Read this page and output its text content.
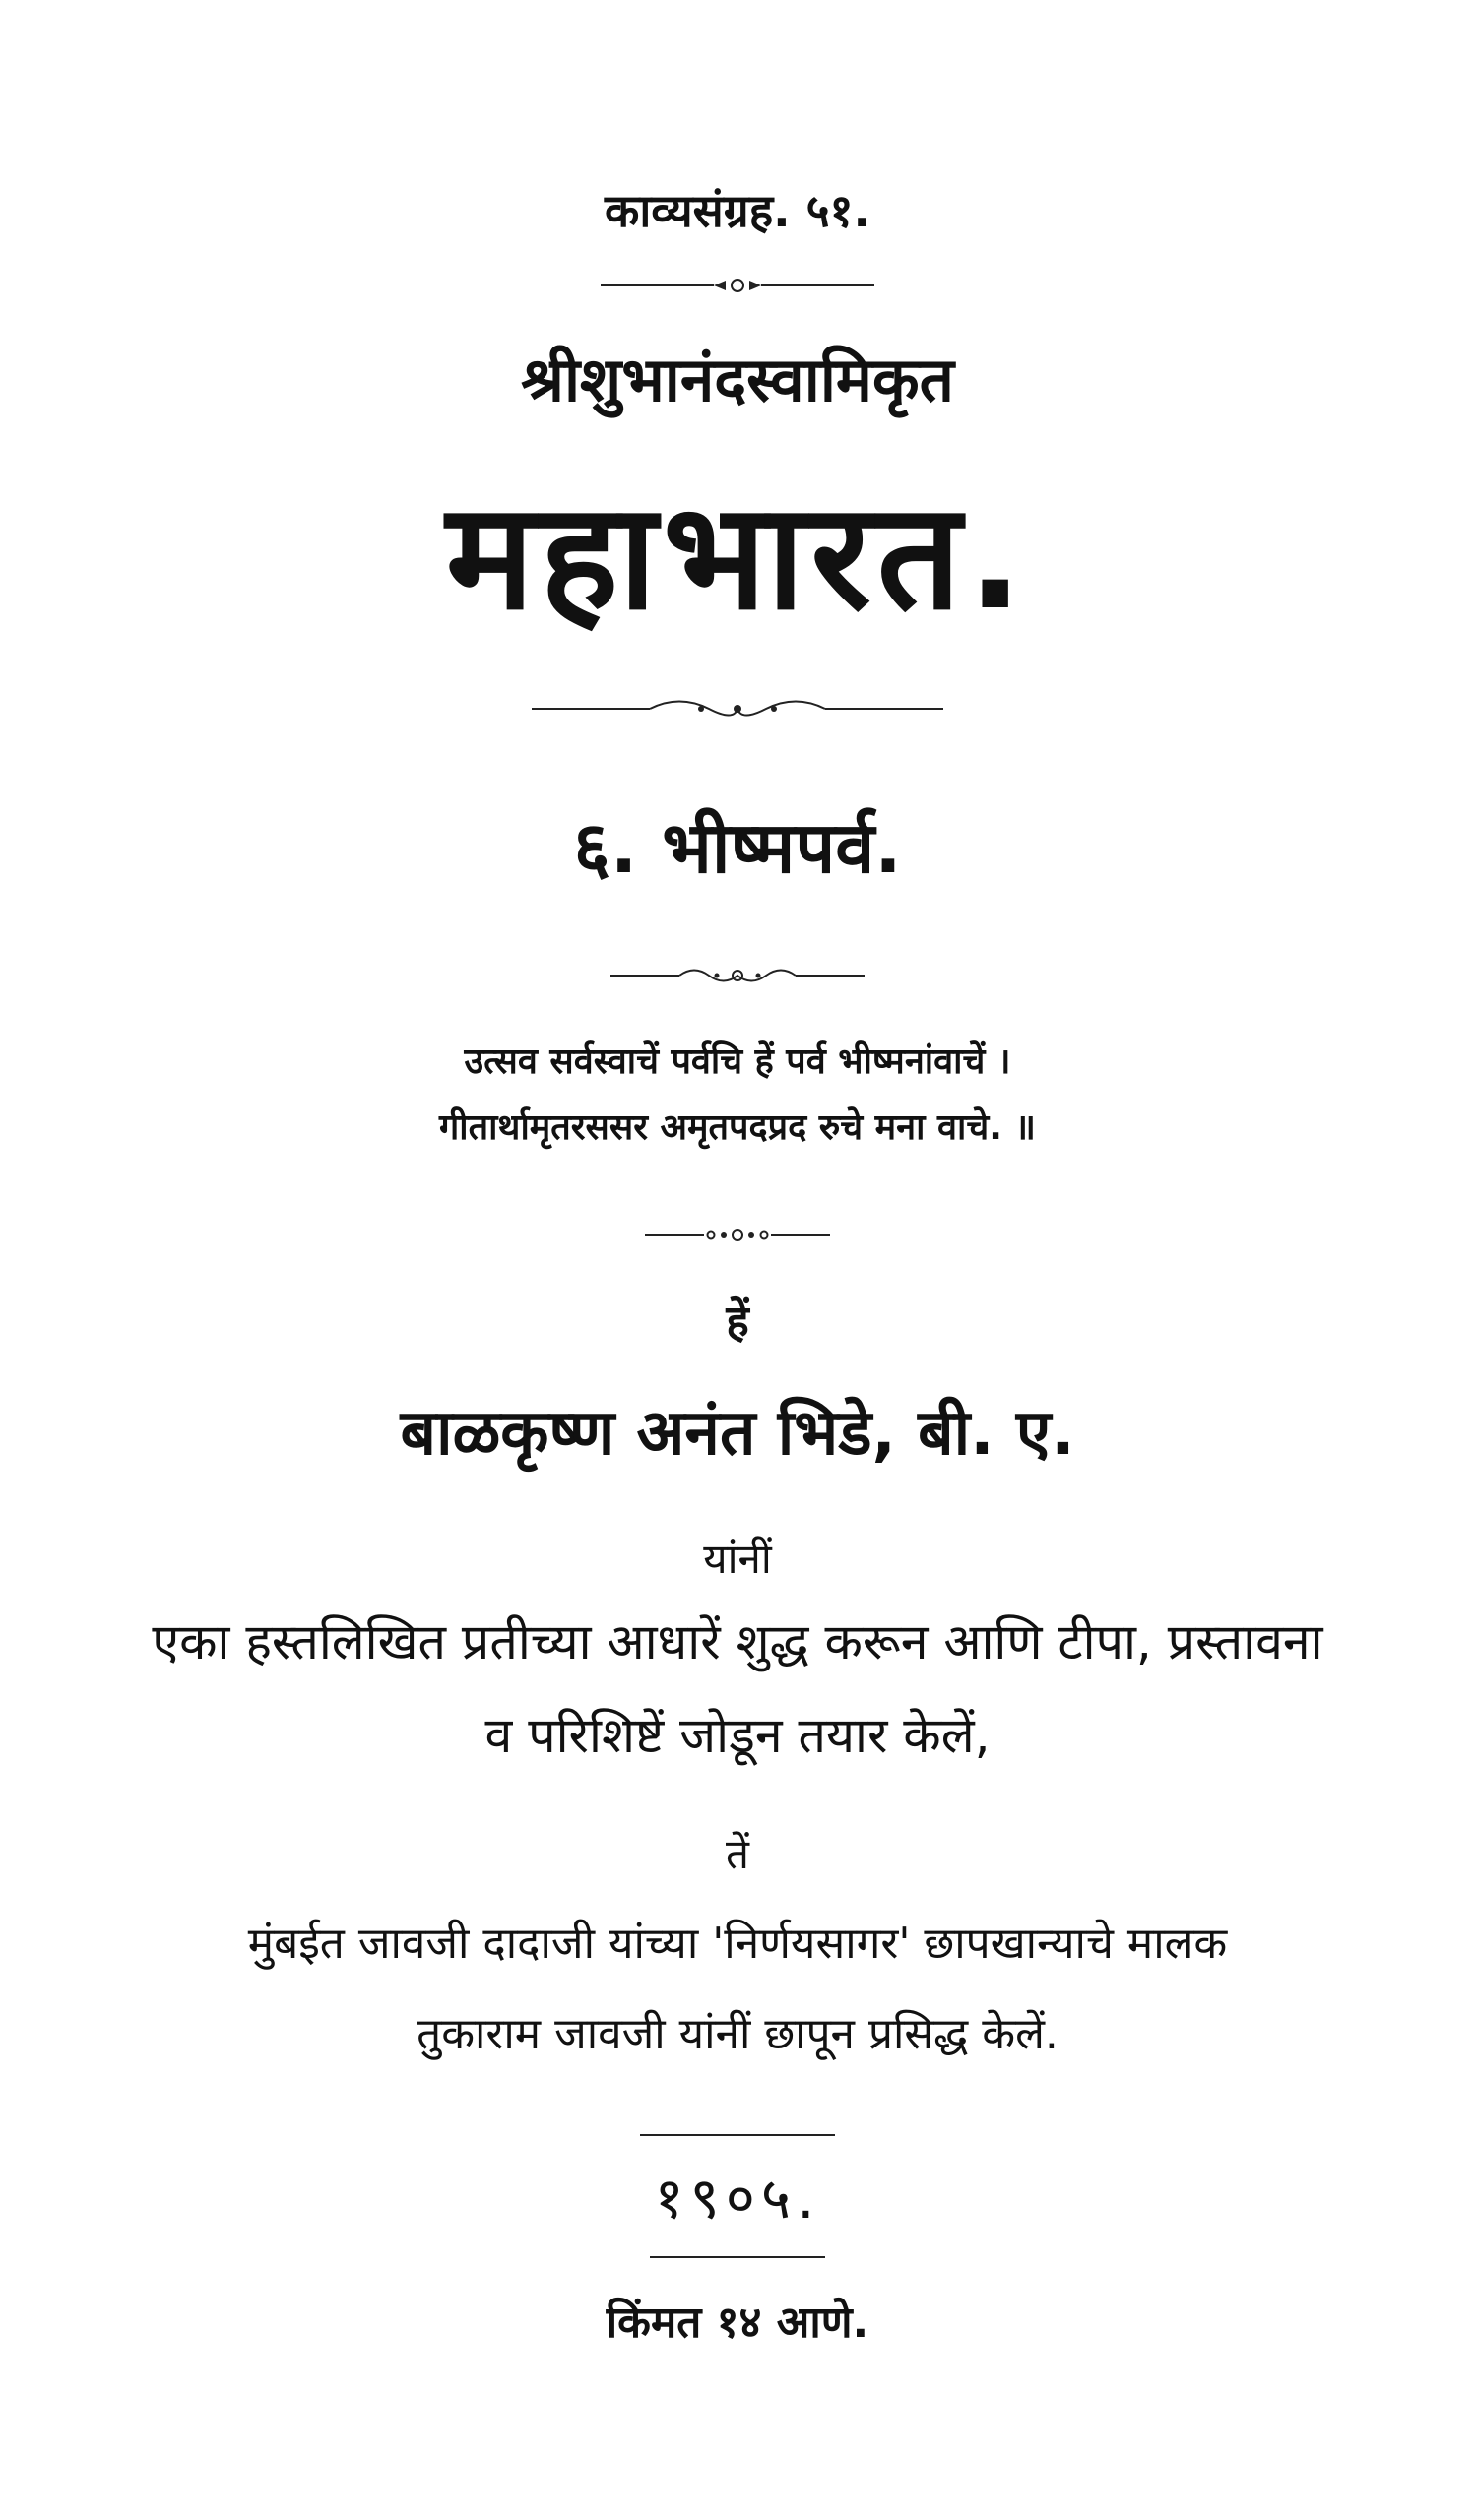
काव्यसंग्रह. ५१.
श्रीशुभानंदस्वामिकृत
महाभारत.
६. भीष्मपर्व.
उत्सव सर्वस्वाचें पर्वचि हें पर्व भीष्मनांवाचें ।
गीतार्थामृतरससर अमृतपदप्रद रुचे मना वाचे. ॥
हें
बाळकृष्ण अनंत भिडे, बी. ए.
यांनीं
एका हस्तलिखित प्रतीच्या आधारें शुद्ध करून आणि टीपा, प्रस्तावना
व परिशिष्टें जोडून तयार केलें,
तें
मुंबईत जावजी दादाजी यांच्या 'निर्णयसागर' छापखान्याचे मालक
तुकाराम जावजी यांनीं छापून प्रसिद्ध केलें.
१९०५.
किंमत १४ आणे.
